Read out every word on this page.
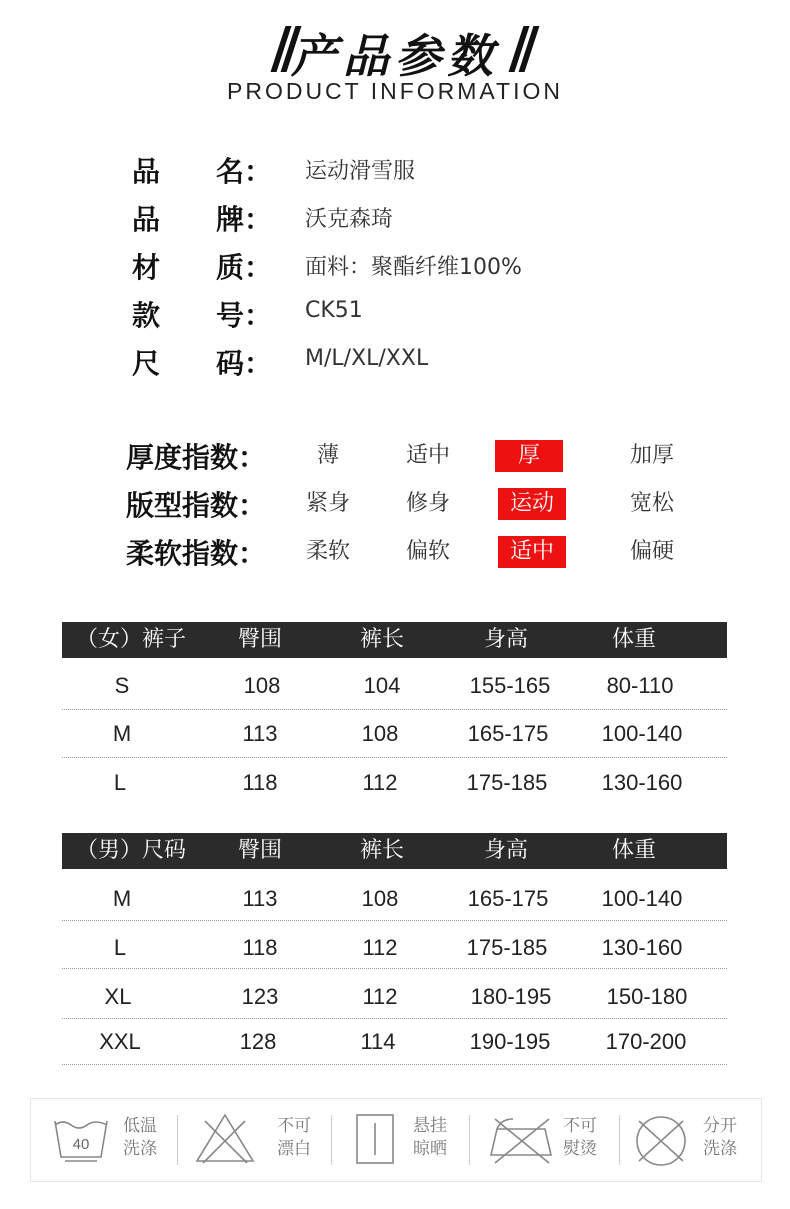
产品参数
PRODUCT INFORMATION
品 名： 运动滑雪服
品 牌： 沃克森琦
材 质： 面料：聚酯纤维100%
款 号： CK51
尺 码： M/L/XL/XXL
厚度指数：	薄	适中	厚	加厚
版型指数：	紧身	修身	运动	宽松
柔软指数：	柔软	偏软	适中	偏硬
（女）裤子 臀围	裤长	身高	体重
S	108	104	155-165	80-110
M	113	108	165-175	100-140
L	118	112	175-185	130-160
（男）尺码 臀围	裤长	身高	体重
M	113	108	165-175	100-140
L	118	112	175-185	130-160
XL	123	112	180-195	150-180
XXL	128	114	190-195	170-200
40
低温
洗涤
不可
漂白
悬挂
晾晒
不可
熨烫
分开
洗涤
